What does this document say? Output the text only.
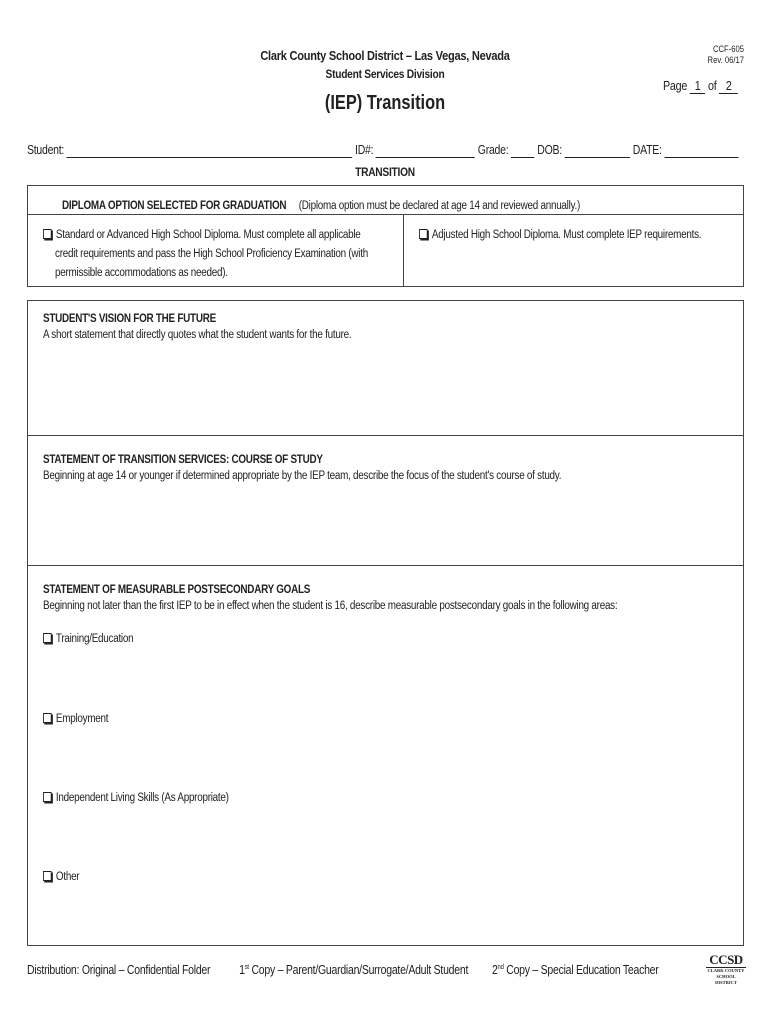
Clark County School District – Las Vegas, Nevada
Student Services Division
CCF-605
Rev. 06/17
Page 1 of 2
(IEP) Transition
Student:	ID#:	Grade: DOB:	DATE:
TRANSITION
DIPLOMA OPTION SELECTED FOR GRADUATION (Diploma option must be declared at age 14 and reviewed annually.)
Standard or Advanced High School Diploma. Must complete all applicable
credit requirements and pass the High School Proficiency Examination (with
permissible accommodations as needed).
Adjusted High School Diploma. Must complete IEP requirements.
STUDENT'S VISION FOR THE FUTURE
A short statement that directly quotes what the student wants for the future.
STATEMENT OF TRANSITION SERVICES: COURSE OF STUDY
Beginning at age 14 or younger if determined appropriate by the IEP team, describe the focus of the student's course of study.
STATEMENT OF MEASURABLE POSTSECONDARY GOALS
Beginning not later than the first IEP to be in effect when the student is 16, describe measurable postsecondary goals in the following areas:
Training/Education
Employment
Independent Living Skills (As Appropriate)
Other
Distribution: Original – Confidential Folder 1st Copy – Parent/Guardian/Surrogate/Adult Student 2nd Copy – Special Education Teacher
CCSD
CLARK COUNTY
SCHOOL DISTRICT
